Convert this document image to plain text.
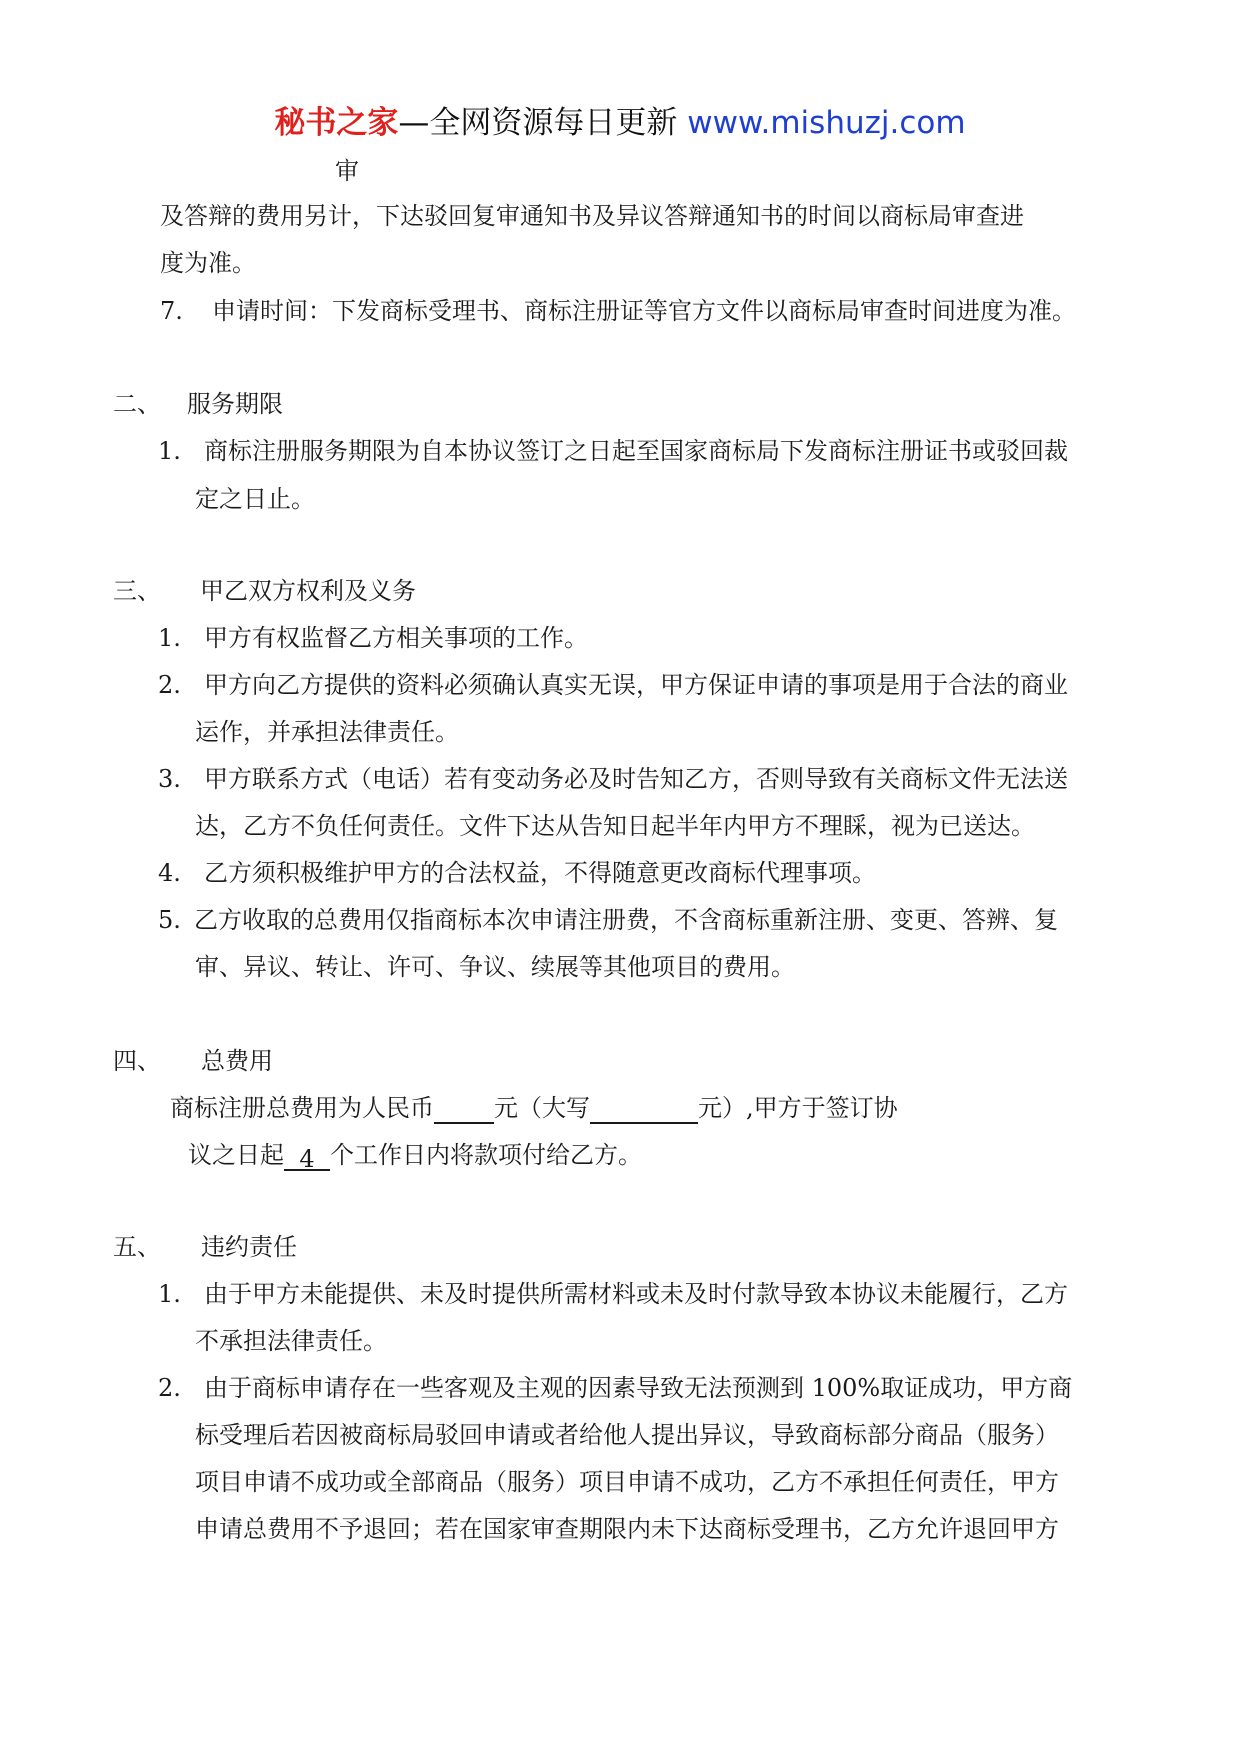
秘书之家—全网资源每日更新 www.mishuzj.com
审
及答辩的费用另计，下达驳回复审通知书及异议答辩通知书的时间以商标局审查进
度为准。
7. 申请时间：下发商标受理书、商标注册证等官方文件以商标局审查时间进度为准。
二、 服务期限
1. 商标注册服务期限为自本协议签订之日起至国家商标局下发商标注册证书或驳回裁
定之日止。
三、 甲乙双方权利及义务
1. 甲方有权监督乙方相关事项的工作。
2. 甲方向乙方提供的资料必须确认真实无误，甲方保证申请的事项是用于合法的商业
运作，并承担法律责任。
3. 甲方联系方式（电话）若有变动务必及时告知乙方，否则导致有关商标文件无法送
达，乙方不负任何责任。文件下达从告知日起半年内甲方不理睬，视为已送达。
4. 乙方须积极维护甲方的合法权益，不得随意更改商标代理事项。
5. 乙方收取的总费用仅指商标本次申请注册费，不含商标重新注册、变更、答辨、复
审、异议、转让、许可、争议、续展等其他项目的费用。
四、 总费用
商标注册总费用为人民币	元（大写	元）,甲方于签订协
议之日起 4 个工作日内将款项付给乙方。
五、 违约责任
1. 由于甲方未能提供、未及时提供所需材料或未及时付款导致本协议未能履行，乙方
不承担法律责任。
2. 由于商标申请存在一些客观及主观的因素导致无法预测到 100%取证成功，甲方商
标受理后若因被商标局驳回申请或者给他人提出异议，导致商标部分商品（服务）
项目申请不成功或全部商品（服务）项目申请不成功，乙方不承担任何责任，甲方
申请总费用不予退回；若在国家审查期限内未下达商标受理书，乙方允许退回甲方
